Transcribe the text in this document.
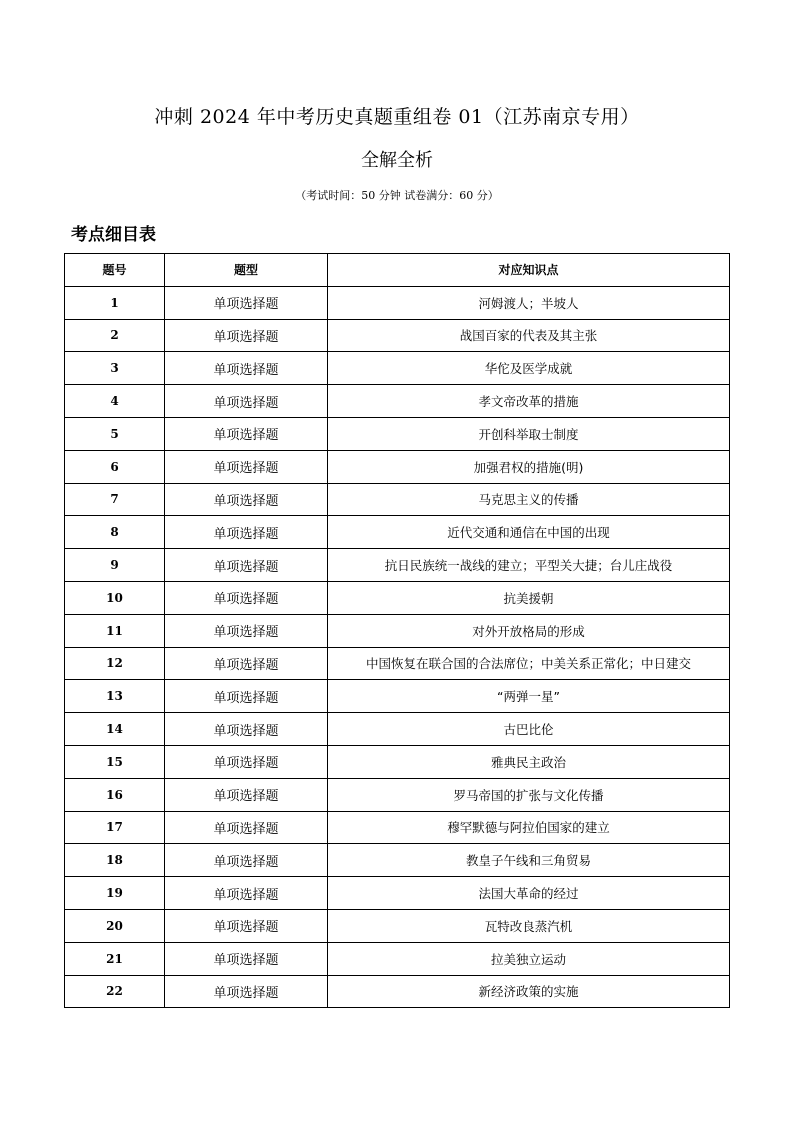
冲刺 2024 年中考历史真题重组卷 01（江苏南京专用）
全解全析
（考试时间：50 分钟 试卷满分：60 分）
考点细目表
题号	题型	对应知识点
1	单项选择题	河姆渡人；半坡人
2	单项选择题	战国百家的代表及其主张
3	单项选择题	华佗及医学成就
4	单项选择题	孝文帝改革的措施
5	单项选择题	开创科举取士制度
6	单项选择题	加强君权的措施(明)
7	单项选择题	马克思主义的传播
8	单项选择题	近代交通和通信在中国的出现
9	单项选择题	抗日民族统一战线的建立；平型关大捷；台儿庄战役
10	单项选择题	抗美援朝
11	单项选择题	对外开放格局的形成
12	单项选择题	中国恢复在联合国的合法席位；中美关系正常化；中日建交
13	单项选择题	“两弹一星”
14	单项选择题	古巴比伦
15	单项选择题	雅典民主政治
16	单项选择题	罗马帝国的扩张与文化传播
17	单项选择题	穆罕默德与阿拉伯国家的建立
18	单项选择题	教皇子午线和三角贸易
19	单项选择题	法国大革命的经过
20	单项选择题	瓦特改良蒸汽机
21	单项选择题	拉美独立运动
22	单项选择题	新经济政策的实施
